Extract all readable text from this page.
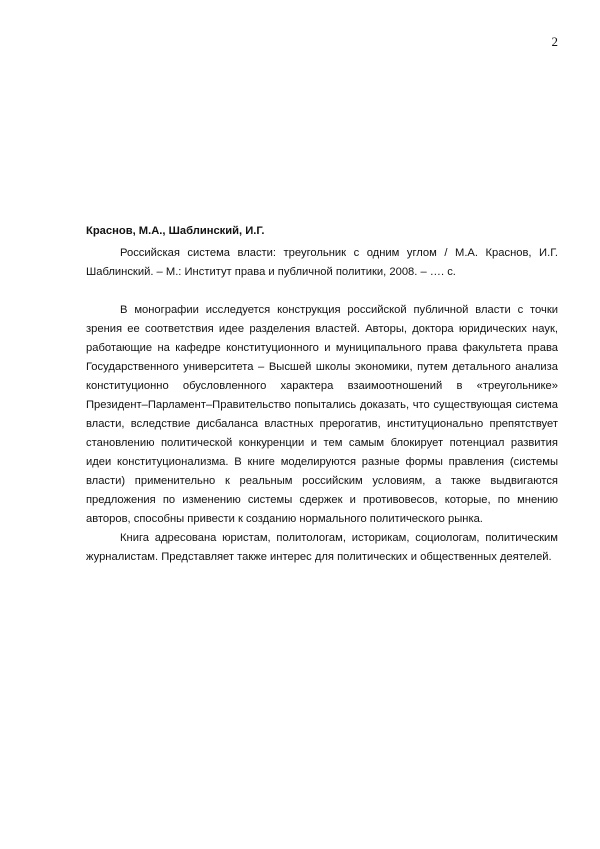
2

Краснов, М.А., Шаблинский, И.Г.

Российская система власти: треугольник с одним углом / М.А. Краснов, И.Г. Шаблинский. – М.: Институт права и публичной политики, 2008. – …. с.

В монографии исследуется конструкция российской публичной власти с точки зрения ее соответствия идее разделения властей. Авторы, доктора юридических наук, работающие на кафедре конституционного и муниципального права факультета права Государственного университета – Высшей школы экономики, путем детального анализа конституционно обусловленного характера взаимоотношений в «треугольнике» Президент–Парламент–Правительство попытались доказать, что существующая система власти, вследствие дисбаланса властных прерогатив, институционально препятствует становлению политической конкуренции и тем самым блокирует потенциал развития идеи конституционализма. В книге моделируются разные формы правления (системы власти) применительно к реальным российским условиям, а также выдвигаются предложения по изменению системы сдержек и противовесов, которые, по мнению авторов, способны привести к созданию нормального политического рынка.

Книга адресована юристам, политологам, историкам, социологам, политическим журналистам. Представляет также интерес для политических и общественных деятелей.
